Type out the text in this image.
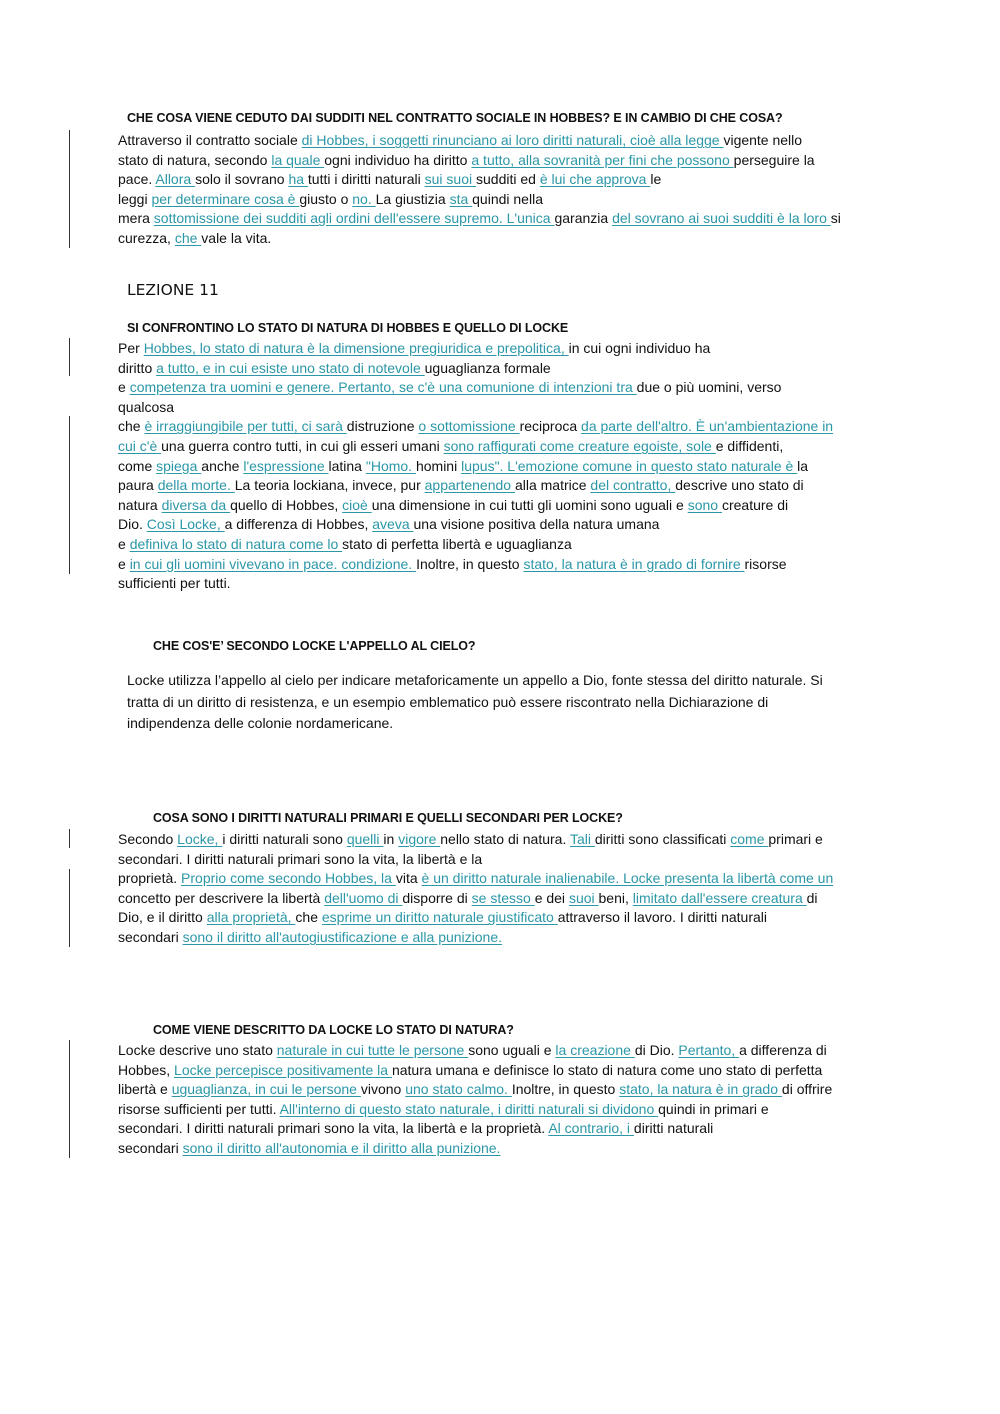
CHE COSA VIENE CEDUTO DAI SUDDITI NEL CONTRATTO SOCIALE IN HOBBES? E IN CAMBIO DI CHE COSA?
Attraverso il contratto sociale di Hobbes, i soggetti rinunciano ai loro diritti naturali, cioè alla legge vigente nello
stato di natura, secondo la quale ogni individuo ha diritto a tutto, alla sovranità per fini che possono perseguire la
pace. Allora solo il sovrano ha tutti i diritti naturali sui suoi sudditi ed è lui che approva le
leggi per determinare cosa è giusto o no. La giustizia sta quindi nella
mera sottomissione dei sudditi agli ordini dell'essere supremo. L'unica garanzia del sovrano ai suoi sudditi è la loro si
curezza, che vale la vita.
LEZIONE 11
SI CONFRONTINO LO STATO DI NATURA DI HOBBES E QUELLO DI LOCKE
Per Hobbes, lo stato di natura è la dimensione pregiuridica e prepolitica, in cui ogni individuo ha
diritto a tutto, e in cui esiste uno stato di notevole uguaglianza formale
e competenza tra uomini e genere. Pertanto, se c'è una comunione di intenzioni tra due o più uomini, verso
qualcosa
che è irraggiungibile per tutti, ci sarà distruzione o sottomissione reciproca da parte dell'altro. È un'ambientazione in
cui c'è una guerra contro tutti, in cui gli esseri umani sono raffigurati come creature egoiste, sole e diffidenti,
come spiega anche l'espressione latina "Homo. homini lupus". L'emozione comune in questo stato naturale è la
paura della morte. La teoria lockiana, invece, pur appartenendo alla matrice del contratto, descrive uno stato di
natura diversa da quello di Hobbes, cioè una dimensione in cui tutti gli uomini sono uguali e sono creature di
Dio. Così Locke, a differenza di Hobbes, aveva una visione positiva della natura umana
e definiva lo stato di natura come lo stato di perfetta libertà e uguaglianza
e in cui gli uomini vivevano in pace. condizione. Inoltre, in questo stato, la natura è in grado di fornire risorse
sufficienti per tutti.
CHE COS'E’ SECONDO LOCKE L'APPELLO AL CIELO?
Locke utilizza l’appello al cielo per indicare metaforicamente un appello a Dio, fonte stessa del diritto naturale. Si
tratta di un diritto di resistenza, e un esempio emblematico può essere riscontrato nella Dichiarazione di
indipendenza delle colonie nordamericane.
COSA SONO I DIRITTI NATURALI PRIMARI E QUELLI SECONDARI PER LOCKE?
Secondo Locke, i diritti naturali sono quelli in vigore nello stato di natura. Tali diritti sono classificati come primari e
secondari. I diritti naturali primari sono la vita, la libertà e la
proprietà. Proprio come secondo Hobbes, la vita è un diritto naturale inalienabile. Locke presenta la libertà come un
concetto per descrivere la libertà dell'uomo di disporre di se stesso e dei suoi beni, limitato dall'essere creatura di
Dio, e il diritto alla proprietà, che esprime un diritto naturale giustificato attraverso il lavoro. I diritti naturali
secondari sono il diritto all'autogiustificazione e alla punizione.
COME VIENE DESCRITTO DA LOCKE LO STATO DI NATURA?
Locke descrive uno stato naturale in cui tutte le persone sono uguali e la creazione di Dio. Pertanto, a differenza di
Hobbes, Locke percepisce positivamente la natura umana e definisce lo stato di natura come uno stato di perfetta
libertà e uguaglianza, in cui le persone vivono uno stato calmo. Inoltre, in questo stato, la natura è in grado di offrire
risorse sufficienti per tutti. All'interno di questo stato naturale, i diritti naturali si dividono quindi in primari e
secondari. I diritti naturali primari sono la vita, la libertà e la proprietà. Al contrario, i diritti naturali
secondari sono il diritto all'autonomia e il diritto alla punizione.
